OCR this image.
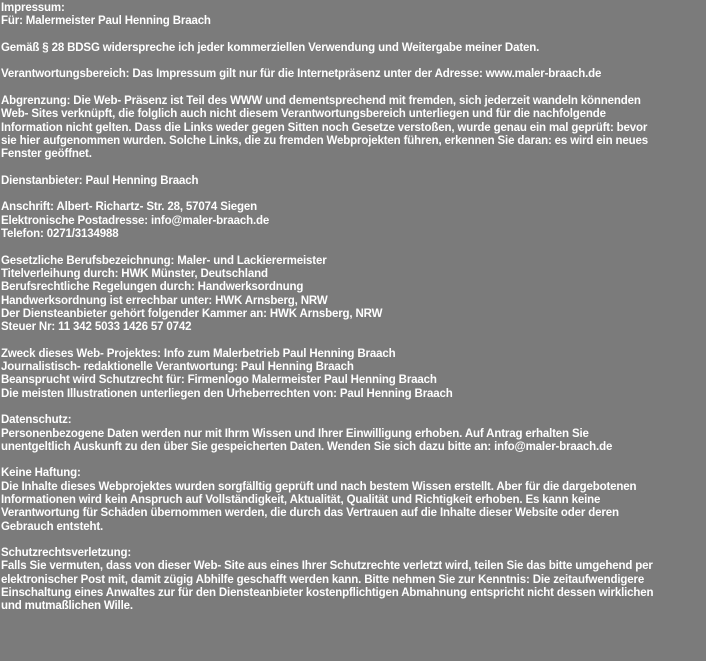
Impressum:
Für: Malermeister Paul Henning Braach
Gemäß § 28 BDSG widerspreche ich jeder kommerziellen Verwendung und Weitergabe meiner Daten.
Verantwortungsbereich: Das Impressum gilt nur für die Internetpräsenz unter der Adresse: www.maler-braach.de
Abgrenzung: Die Web- Präsenz ist Teil des WWW und dementsprechend mit fremden, sich jederzeit wandeln könnenden
Web- Sites verknüpft, die folglich auch nicht diesem Verantwortungsbereich unterliegen und für die nachfolgende
Information nicht gelten. Dass die Links weder gegen Sitten noch Gesetze verstoßen, wurde genau ein mal geprüft: bevor
sie hier aufgenommen wurden. Solche Links, die zu fremden Webprojekten führen, erkennen Sie daran: es wird ein neues
Fenster geöffnet.
Dienstanbieter: Paul Henning Braach
Anschrift: Albert- Richartz- Str. 28, 57074 Siegen
Elektronische Postadresse: info@maler-braach.de
Telefon: 0271/3134988
Gesetzliche Berufsbezeichnung: Maler- und Lackierermeister
Titelverleihung durch: HWK Münster, Deutschland
Berufsrechtliche Regelungen durch: Handwerksordnung
Handwerksordnung ist errechbar unter: HWK Arnsberg, NRW
Der Diensteanbieter gehört folgender Kammer an: HWK Arnsberg, NRW
Steuer Nr: 11 342 5033 1426 57 0742
Zweck dieses Web- Projektes: Info zum Malerbetrieb Paul Henning Braach
Journalistisch- redaktionelle Verantwortung: Paul Henning Braach
Beansprucht wird Schutzrecht für: Firmenlogo Malermeister Paul Henning Braach
Die meisten Illustrationen unterliegen den Urheberrechten von: Paul Henning Braach
Datenschutz:
Personenbezogene Daten werden nur mit Ihrm Wissen und Ihrer Einwilligung erhoben. Auf Antrag erhalten Sie
unentgeltlich Auskunft zu den über Sie gespeicherten Daten. Wenden Sie sich dazu bitte an: info@maler-braach.de
Keine Haftung:
Die Inhalte dieses Webprojektes wurden sorgfälltig geprüft und nach bestem Wissen erstellt. Aber für die dargebotenen
Informationen wird kein Anspruch auf Vollständigkeit, Aktualität, Qualität und Richtigkeit erhoben. Es kann keine
Verantwortung für Schäden übernommen werden, die durch das Vertrauen auf die Inhalte dieser Website oder deren
Gebrauch entsteht.
Schutzrechtsverletzung:
Falls Sie vermuten, dass von dieser Web- Site aus eines Ihrer Schutzrechte verletzt wird, teilen Sie das bitte umgehend per
elektronischer Post mit, damit zügig Abhilfe geschafft werden kann. Bitte nehmen Sie zur Kenntnis: Die zeitaufwendigere
Einschaltung eines Anwaltes zur für den Diensteanbieter kostenpflichtigen Abmahnung entspricht nicht dessen wirklichen
und mutmaßlichen Wille.
